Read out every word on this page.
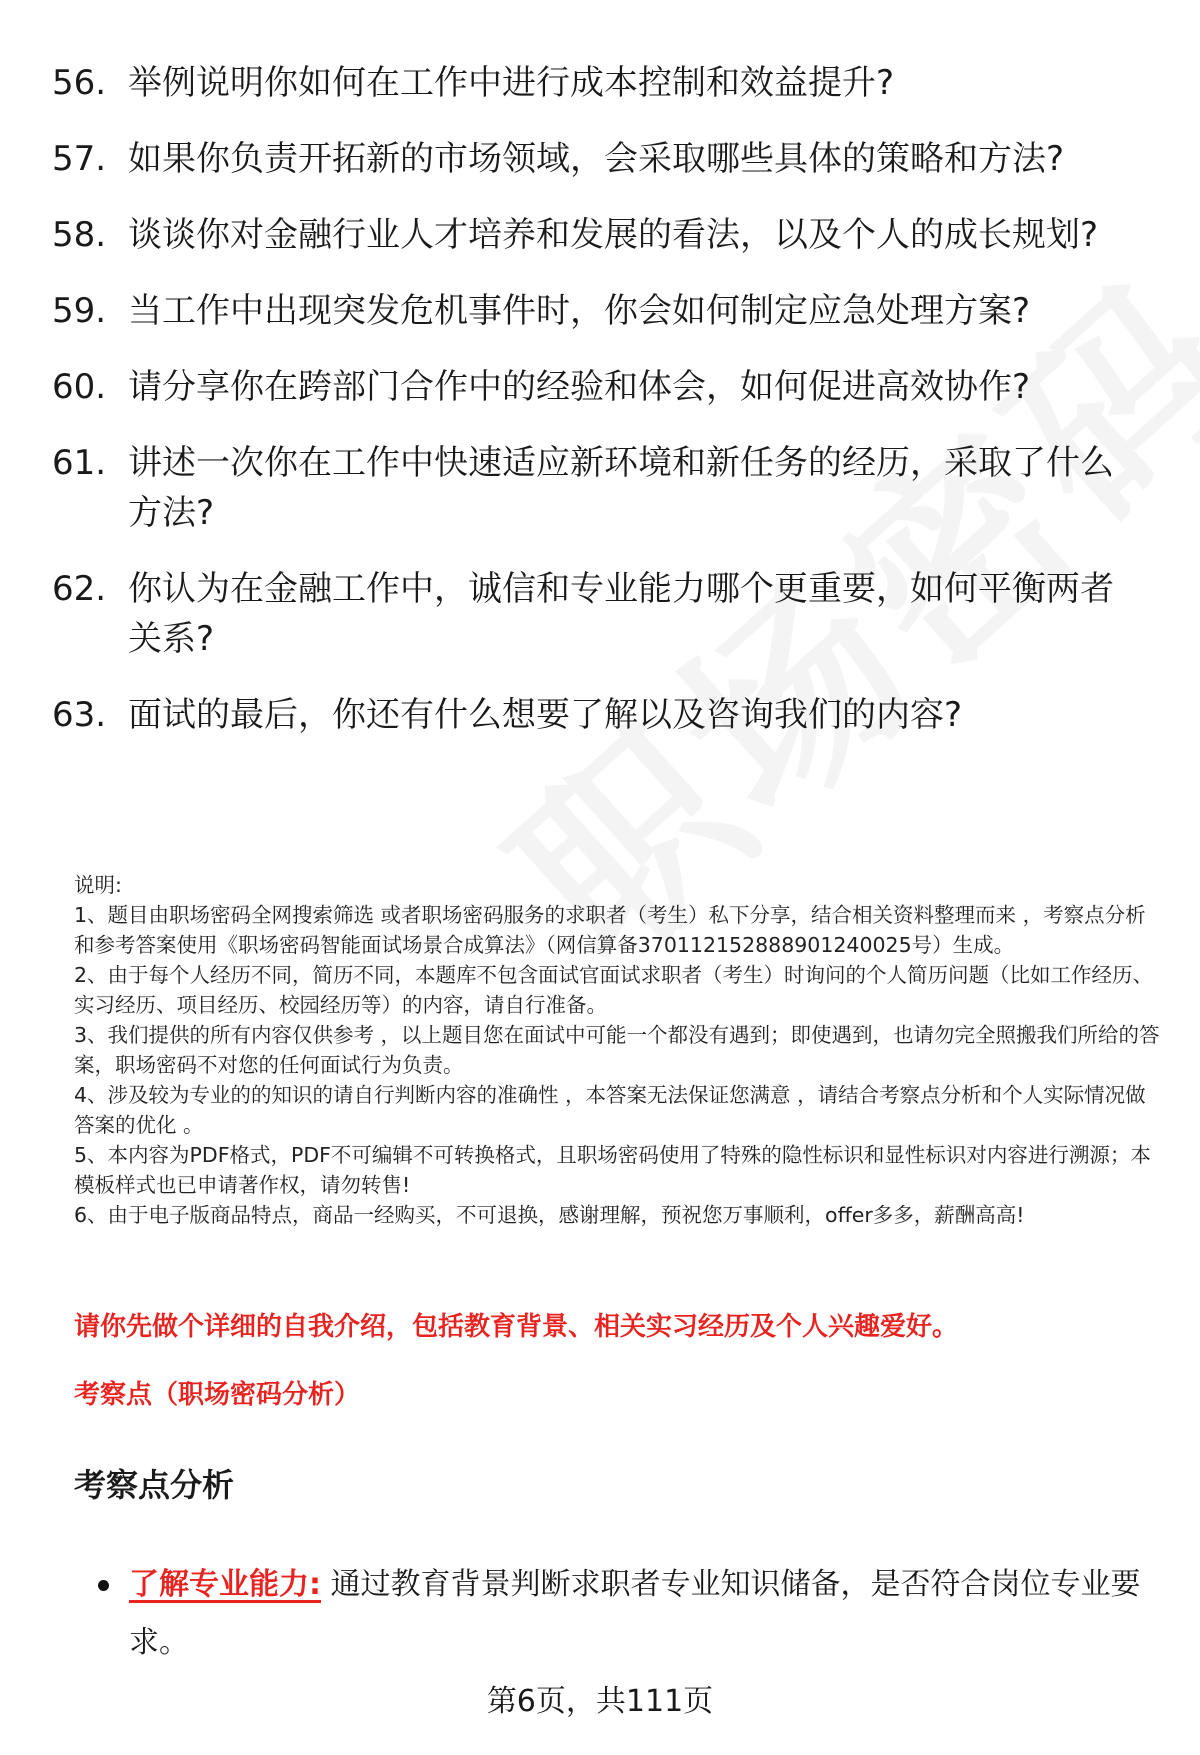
56. 举例说明你如何在工作中进行成本控制和效益提升?
57. 如果你负责开拓新的市场领域，会采取哪些具体的策略和方法?
58. 谈谈你对金融行业人才培养和发展的看法，以及个人的成长规划?
59. 当工作中出现突发危机事件时，你会如何制定应急处理方案?
60. 请分享你在跨部门合作中的经验和体会，如何促进高效协作?
61. 讲述一次你在工作中快速适应新环境和新任务的经历，采取了什么方法?
62. 你认为在金融工作中，诚信和专业能力哪个更重要，如何平衡两者关系?
63. 面试的最后，你还有什么想要了解以及咨询我们的内容?

说明:

1、题目由职场密码全网搜索筛选 或者职场密码服务的求职者（考生）私下分享，结合相关资料整理而来 ，考察点分析和参考答案使用《职场密码智能面试场景合成算法》（网信算备370112152888901240025号）生成。

2、由于每个人经历不同，简历不同，本题库不包含面试官面试求职者（考生）时询问的个人简历问题（比如工作经历、实习经历、项目经历、校园经历等）的内容，请自行准备。

3、我们提供的所有内容仅供参考 ，以上题目您在面试中可能一个都没有遇到；即使遇到，也请勿完全照搬我们所给的答案，职场密码不对您的任何面试行为负责。

4、涉及较为专业的的知识的请自行判断内容的准确性 ，本答案无法保证您满意 ，请结合考察点分析和个人实际情况做答案的优化 。

5、本内容为PDF格式，PDF不可编辑不可转换格式，且职场密码使用了特殊的隐性标识和显性标识对内容进行溯源；本模板样式也已申请著作权，请勿转售!

6、由于电子版商品特点，商品一经购买，不可退换，感谢理解，预祝您万事顺利，offer多多，薪酬高高!

请你先做个详细的自我介绍，包括教育背景、相关实习经历及个人兴趣爱好。
考察点（职场密码分析）
考察点分析
了解专业能力: 通过教育背景判断求职者专业知识储备，是否符合岗位专业要求。
第6页，共111页
